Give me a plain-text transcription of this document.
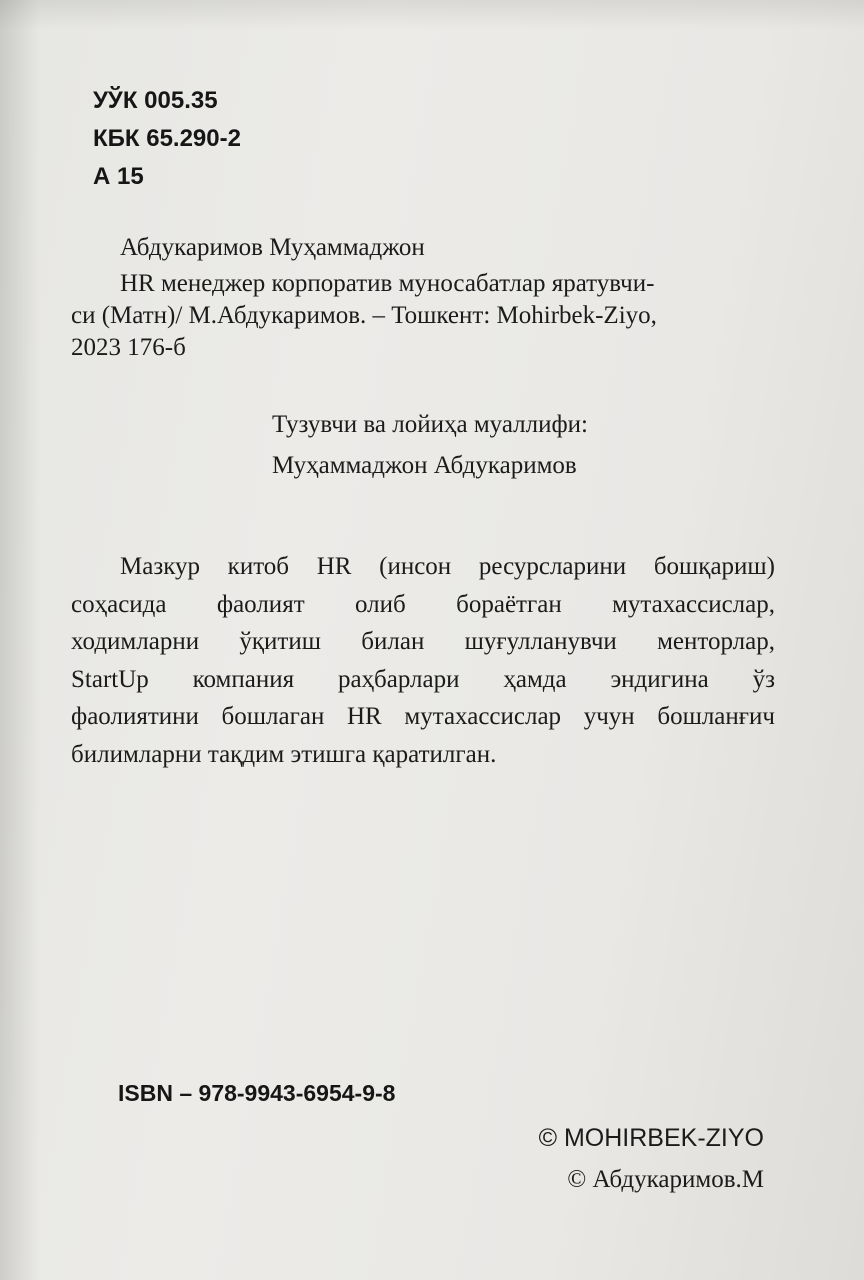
УЎК 005.35
КБК 65.290-2
А 15
Абдукаримов Муҳаммаджон
HR менеджер корпоратив муносабатлар яратувчи-
си (Матн)/ М.Абдукаримов. – Тошкент: Mohirbek-Ziyo,
2023 176-б
Тузувчи ва лойиҳа муаллифи:
Муҳаммаджон Абдукаримов
Мазкур китоб HR (инсон ресурсларини бошқариш)
соҳасида фаолият олиб бораётган мутахассислар,
ходимларни ўқитиш билан шуғулланувчи менторлар,
StartUp компания раҳбарлари ҳамда эндигина ўз
фаолиятини бошлаган HR мутахассислар учун бошланғич
билимларни тақдим этишга қаратилган.
ISBN – 978-9943-6954-9-8
© MOHIRBEK-ZIYO
© Абдукаримов.М
